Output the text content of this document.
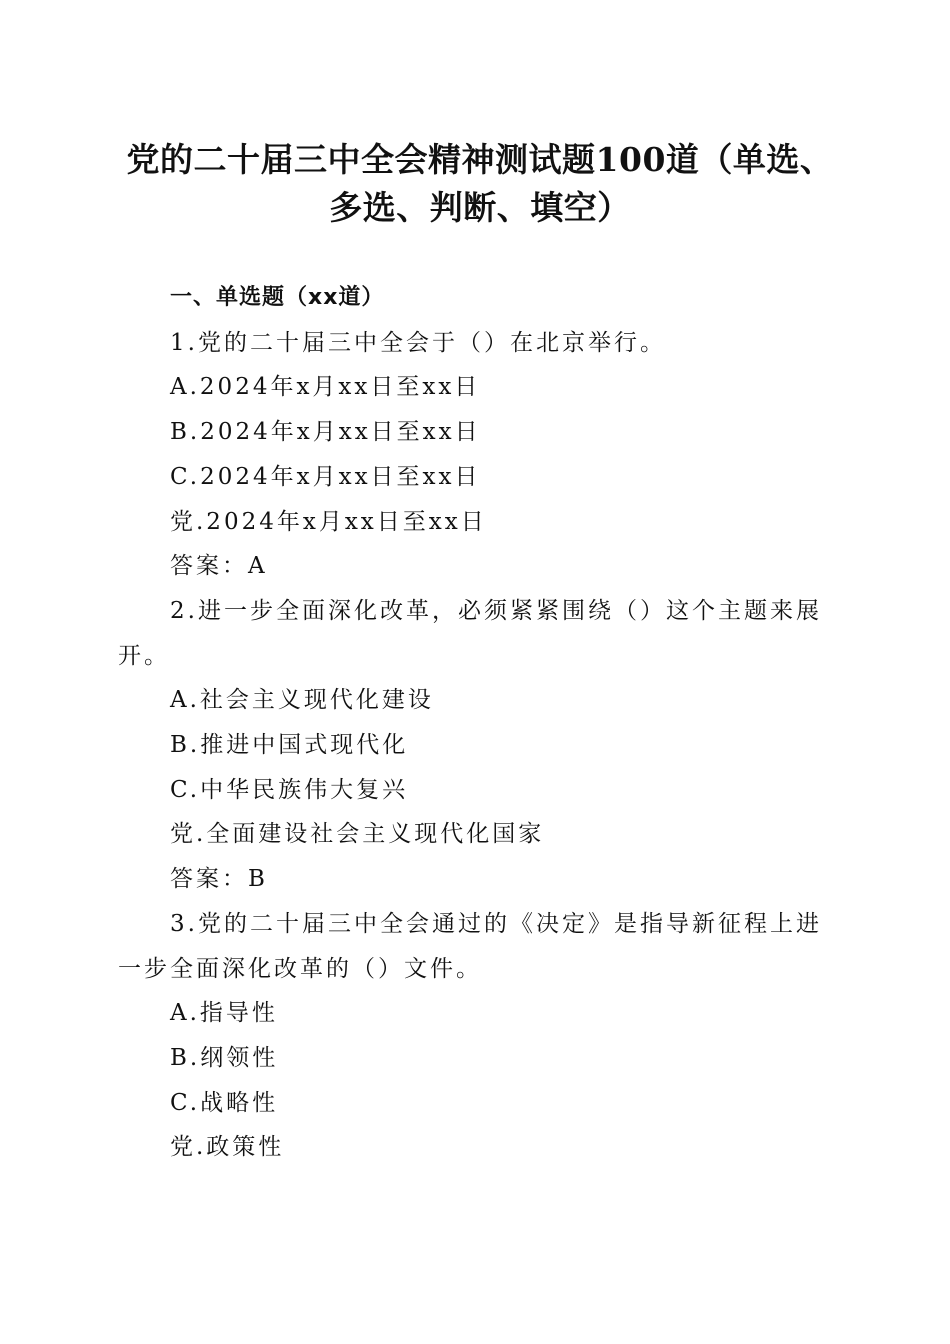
党的二十届三中全会精神测试题100道（单选、
多选、判断、填空）
一、单选题（xx道）
1.党的二十届三中全会于（）在北京举行。
A.2024年x月xx日至xx日
B.2024年x月xx日至xx日
C.2024年x月xx日至xx日
党.2024年x月xx日至xx日
答案：A
2.进一步全面深化改革，必须紧紧围绕（）这个主题来展开。
A.社会主义现代化建设
B.推进中国式现代化
C.中华民族伟大复兴
党.全面建设社会主义现代化国家
答案：B
3.党的二十届三中全会通过的《决定》是指导新征程上进一步全面深化改革的（）文件。
A.指导性
B.纲领性
C.战略性
党.政策性
